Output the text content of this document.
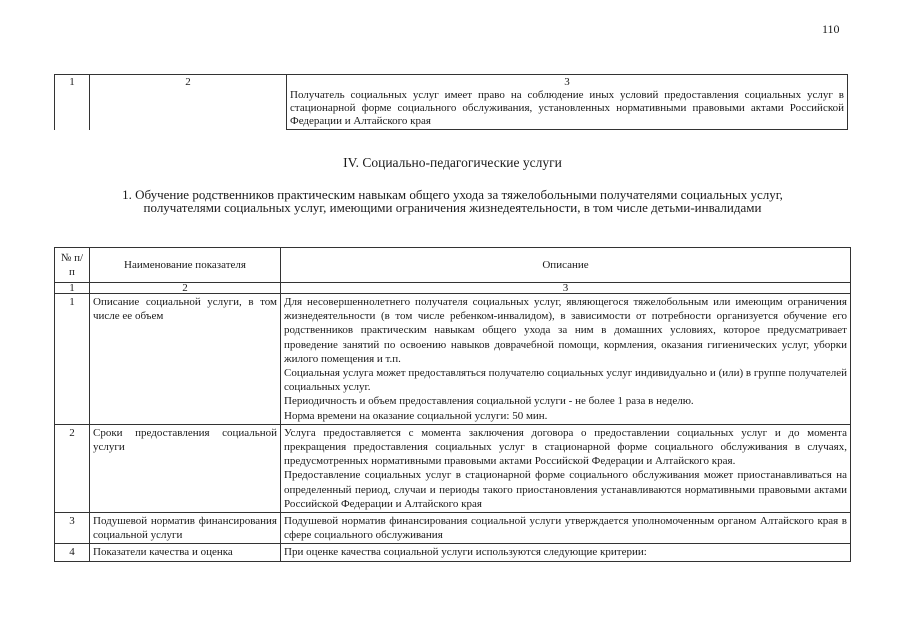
110
1	2	3
Получатель социальных услуг имеет право на соблюдение иных условий предоставления социальных услуг в стационарной форме социального обслуживания, установленных нормативными правовыми актами Российской Федерации и Алтайского края
IV. Социально-педагогические услуги
1. Обучение родственников практическим навыкам общего ухода за тяжелобольными получателями социальных услуг, получателями социальных услуг, имеющими ограничения жизнедеятельности, в том числе детьми-инвалидами
№ п/п	Наименование показателя	Описание
1	2	3
1	Описание социальной услуги, в том числе ее объем	Для несовершеннолетнего получателя социальных услуг, являющегося тяжелобольным или имеющим ограничения жизнедеятельности (в том числе ребенком-инвалидом), в зависимости от потребности организуется обучение его родственников практическим навыкам общего ухода за ним в домашних условиях, которое предусматривает проведение занятий по освоению навыков доврачебной помощи, кормления, оказания гигиенических услуг, уборки жилого помещения и т.п.
Социальная услуга может предоставляться получателю социальных услуг индивидуально и (или) в группе получателей социальных услуг.
Периодичность и объем предоставления социальной услуги - не более 1 раза в неделю.
Норма времени на оказание социальной услуги: 50 мин.

2	Сроки предоставления социальной услуги	Услуга предоставляется с момента заключения договора о предоставлении социальных услуг и до момента прекращения предоставления социальных услуг в стационарной форме социального обслуживания в случаях, предусмотренных нормативными правовыми актами Российской Федерации и Алтайского края.
Предоставление социальных услуг в стационарной форме социального обслуживания может приостанавливаться на определенный период, случаи и периоды такого приостановления устанавливаются нормативными правовыми актами Российской Федерации и Алтайского края

3	Подушевой норматив финансирования социальной услуги	Подушевой норматив финансирования социальной услуги утверждается уполномоченным органом Алтайского края в сфере социального обслуживания

4	Показатели качества и оценка	При оценке качества социальной услуги используются следующие критерии:
